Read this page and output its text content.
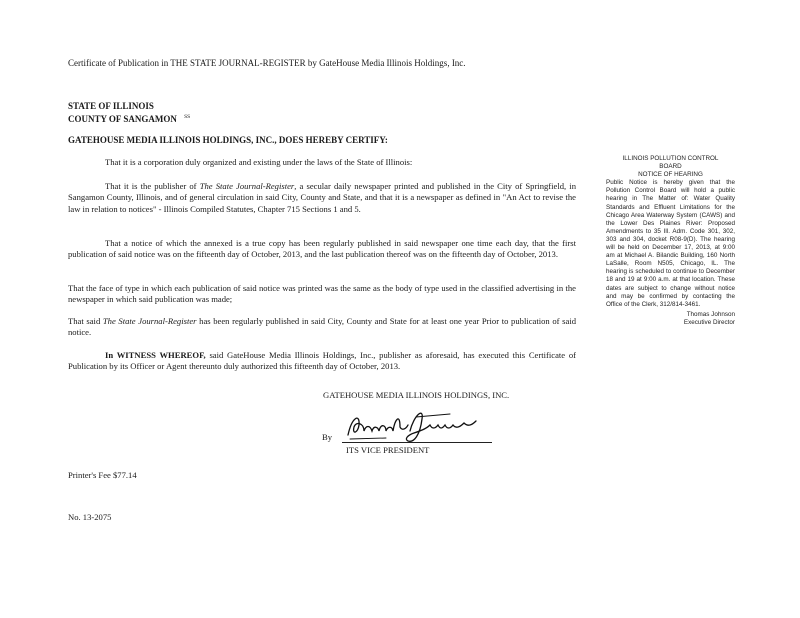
Certificate of Publication in THE STATE JOURNAL-REGISTER by GateHouse Media Illinois Holdings, Inc.
STATE OF ILLINOIS
COUNTY OF SANGAMON $^{SS}$
GATEHOUSE MEDIA ILLINOIS HOLDINGS, INC., DOES HEREBY CERTIFY:
That it is a corporation duly organized and existing under the laws of the State of Illinois:
That it is the publisher of The State Journal-Register, a secular daily newspaper printed and published in the City of Springfield, in Sangamon County, Illinois, and of general circulation in said City, County and State, and that it is a newspaper as defined in "An Act to revise the law in relation to notices" - Illinois Compiled Statutes, Chapter 715 Sections 1 and 5.
That a notice of which the annexed is a true copy has been regularly published in said newspaper one time each day, that the first publication of said notice was on the fifteenth day of October, 2013, and the last publication thereof was on the fifteenth day of October, 2013.
That the face of type in which each publication of said notice was printed was the same as the body of type used in the classified advertising in the newspaper in which said publication was made;
That said The State Journal-Register has been regularly published in said City, County and State for at least one year Prior to publication of said notice.
In WITNESS WHEREOF, said GateHouse Media Illinois Holdings, Inc., publisher as aforesaid, has executed this Certificate of Publication by its Officer or Agent thereunto duly authorized this fifteenth day of October, 2013.
GATEHOUSE MEDIA ILLINOIS HOLDINGS, INC.
By
ITS VICE PRESIDENT
Printer's Fee $77.14
No. 13-2075
ILLINOIS POLLUTION CONTROL
BOARD
NOTICE OF HEARING
Public Notice is hereby given that the Pollution Control Board will hold a public hearing in The Matter of: Water Quality Standards and Effluent Limitations for the Chicago Area Waterway System (CAWS) and the Lower Des Plaines River: Proposed Amendments to 35 Ill. Adm. Code 301, 302, 303 and 304, docket R08-9(D). The hearing will be held on December 17, 2013, at 9:00 am at Michael A. Bilandic Building, 160 North LaSalle, Room N505, Chicago, IL. The hearing is scheduled to continue to December 18 and 19 at 9:00 a.m. at that location. These dates are subject to change without notice and may be confirmed by contacting the Office of the Clerk, 312/814-3461.
Thomas Johnson
Executive Director
